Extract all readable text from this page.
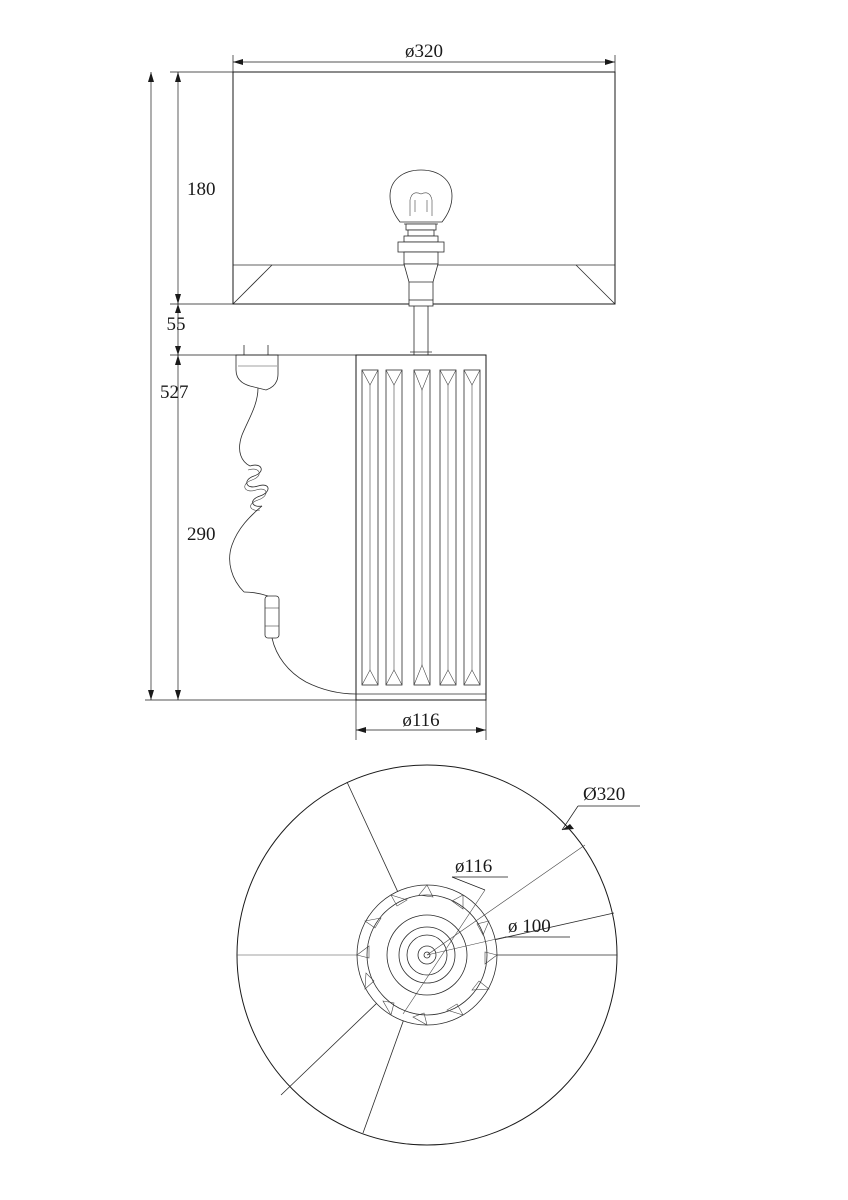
ø320
180
55
527
290
ø116
Ø320
ø116
ø 100
